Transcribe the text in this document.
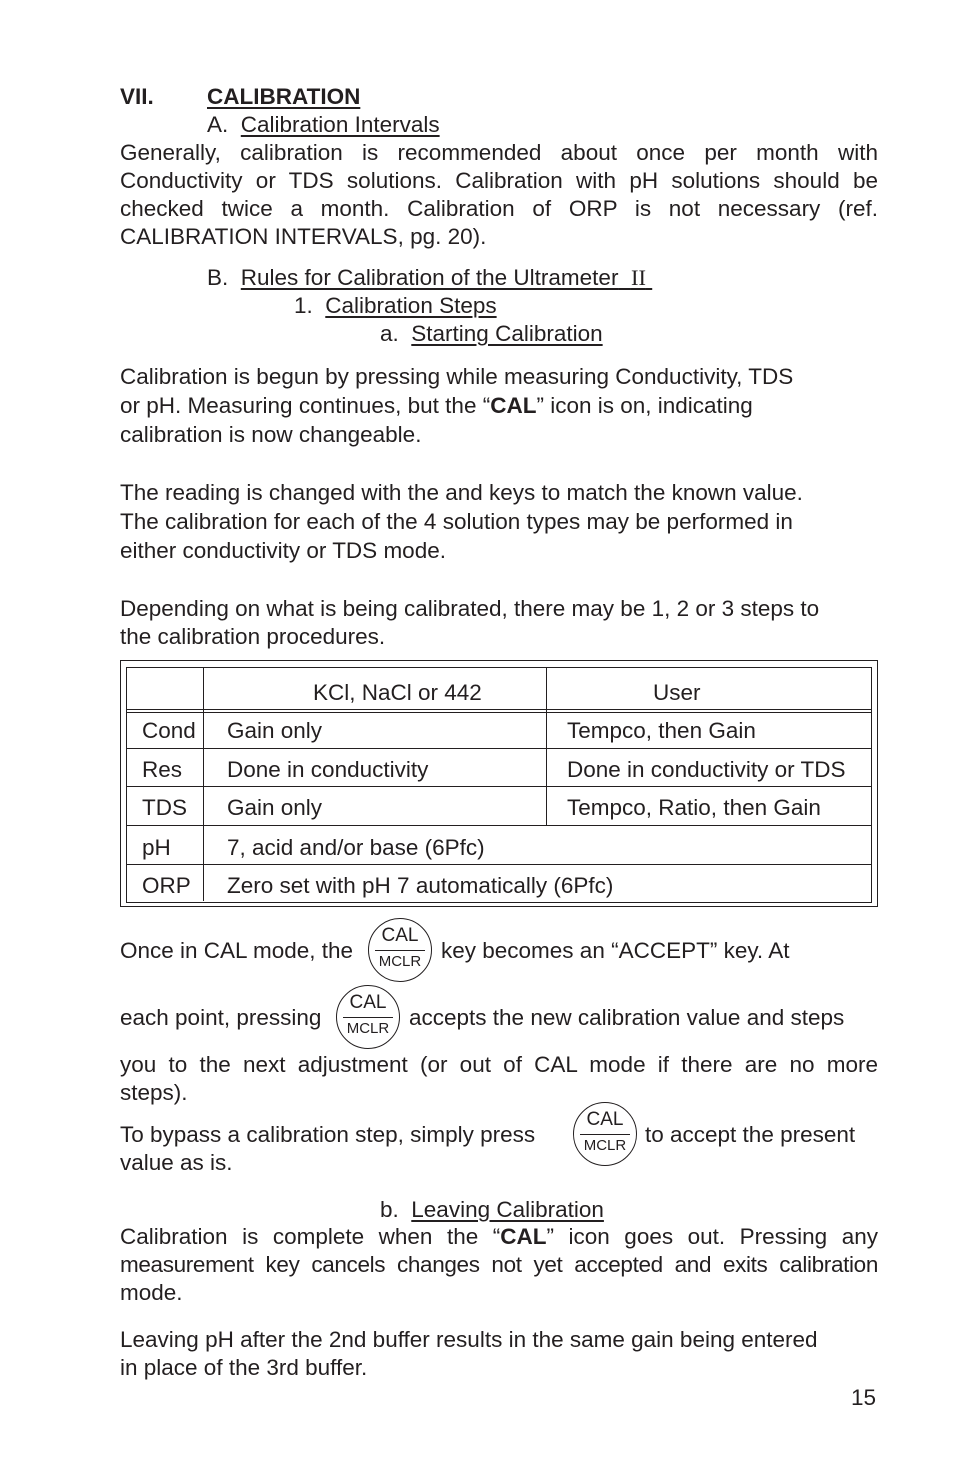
VII. CALIBRATION
A. Calibration Intervals
Generally, calibration is recommended about once per month with Conductivity or TDS solutions. Calibration with pH solutions should be checked twice a month. Calibration of ORP is not necessary (ref. CALIBRATION INTERVALS, pg. 20).
B. Rules for Calibration of the Ultrameter II
1. Calibration Steps
a. Starting Calibration
Calibration is begun by pressing while measuring Conductivity, TDS
or pH. Measuring continues, but the “CAL” icon is on, indicating
calibration is now changeable.
The reading is changed with the and keys to match the known value.
The calibration for each of the 4 solution types may be performed in
either conductivity or TDS mode.
Depending on what is being calibrated, there may be 1, 2 or 3 steps to
the calibration procedures.
KCl, NaCl or 442	User
Cond Gain only	Tempco, then Gain
Res Done in conductivity	Done in conductivity or TDS
TDS Gain only	Tempco, Ratio, then Gain
pH 7, acid and/or base (6Pfc)
ORP Zero set with pH 7 automatically (6Pfc)
Once in CAL mode, the
CAL
MCLR key becomes an “ACCEPT” key. At
each point, pressing
CAL
MCLR accepts the new calibration value and steps
you to the next adjustment (or out of CAL mode if there are no more
steps).
To bypass a calibration step, simply press
CAL
MCLR to accept the present
value as is.
b. Leaving Calibration
Calibration is complete when the “CAL” icon goes out. Pressing any
measurement key cancels changes not yet accepted and exits calibration
mode.
Leaving pH after the 2nd buffer results in the same gain being entered
in place of the 3rd buffer.
15
